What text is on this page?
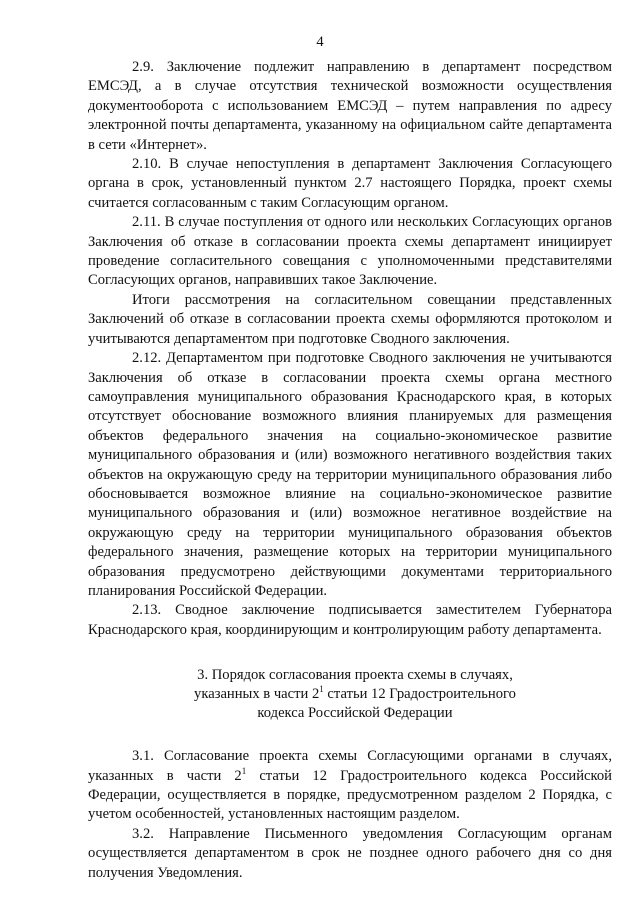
4

2.9. Заключение подлежит направлению в департамент посредством ЕМСЭД, а в случае отсутствия технической возможности осуществления документооборота с использованием ЕМСЭД – путем направления по адресу электронной почты департамента, указанному на официальном сайте департамента в сети «Интернет».

2.10. В случае непоступления в департамент Заключения Согласующего органа в срок, установленный пунктом 2.7 настоящего Порядка, проект схемы считается согласованным с таким Согласующим органом.

2.11. В случае поступления от одного или нескольких Согласующих органов Заключения об отказе в согласовании проекта схемы департамент инициирует проведение согласительного совещания с уполномоченными представителями Согласующих органов, направивших такое Заключение.

Итоги рассмотрения на согласительном совещании представленных Заключений об отказе в согласовании проекта схемы оформляются протоколом и учитываются департаментом при подготовке Сводного заключения.

2.12. Департаментом при подготовке Сводного заключения не учитываются Заключения об отказе в согласовании проекта схемы органа местного самоуправления муниципального образования Краснодарского края, в которых отсутствует обоснование возможного влияния планируемых для размещения объектов федерального значения на социально-экономическое развитие муниципального образования и (или) возможного негативного воздействия таких объектов на окружающую среду на территории муниципального образования либо обосновывается возможное влияние на социально-экономическое развитие муниципального образования и (или) возможное негативное воздействие на окружающую среду на территории муниципального образования объектов федерального значения, размещение которых на территории муниципального образования предусмотрено действующими документами территориального планирования Российской Федерации.

2.13. Сводное заключение подписывается заместителем Губернатора Краснодарского края, координирующим и контролирующим работу департамента.

3. Порядок согласования проекта схемы в случаях,
указанных в части $2^1$ статьи 12 Градостроительного
кодекса Российской Федерации

3.1. Согласование проекта схемы Согласующими органами в случаях, указанных в части $2^1$ статьи 12 Градостроительного кодекса Российской Федерации, осуществляется в порядке, предусмотренном разделом 2 Порядка, с учетом особенностей, установленных настоящим разделом.

3.2. Направление Письменного уведомления Согласующим органам осуществляется департаментом в срок не позднее одного рабочего дня со дня получения Уведомления.
